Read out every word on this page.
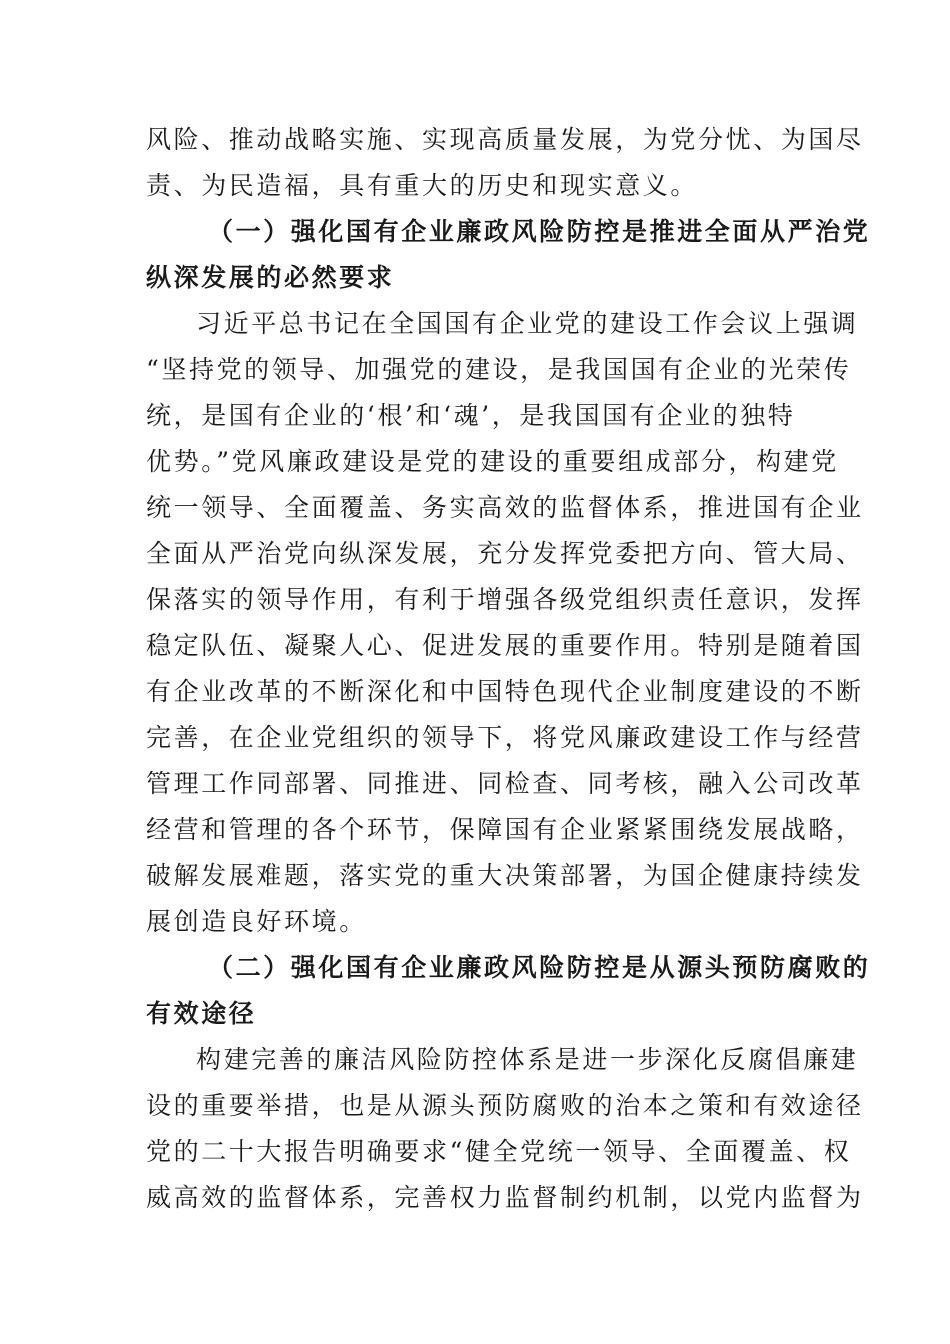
风险、推动战略实施、实现高质量发展，为党分忧、为国尽
责、为民造福，具有重大的历史和现实意义。
（一）强化国有企业廉政风险防控是推进全面从严治党
纵深发展的必然要求
习近平总书记在全国国有企业党的建设工作会议上强调
“坚持党的领导、加强党的建设，是我国国有企业的光荣传
统，是国有企业的‘根’和‘魂’，是我国国有企业的独特
优势。”党风廉政建设是党的建设的重要组成部分，构建党
统一领导、全面覆盖、务实高效的监督体系，推进国有企业
全面从严治党向纵深发展，充分发挥党委把方向、管大局、
保落实的领导作用，有利于增强各级党组织责任意识，发挥
稳定队伍、凝聚人心、促进发展的重要作用。特别是随着国
有企业改革的不断深化和中国特色现代企业制度建设的不断
完善，在企业党组织的领导下，将党风廉政建设工作与经营
管理工作同部署、同推进、同检查、同考核，融入公司改革
经营和管理的各个环节，保障国有企业紧紧围绕发展战略，
破解发展难题，落实党的重大决策部署，为国企健康持续发
展创造良好环境。
（二）强化国有企业廉政风险防控是从源头预防腐败的
有效途径
构建完善的廉洁风险防控体系是进一步深化反腐倡廉建
设的重要举措，也是从源头预防腐败的治本之策和有效途径
党的二十大报告明确要求“健全党统一领导、全面覆盖、权
威高效的监督体系，完善权力监督制约机制，以党内监督为
